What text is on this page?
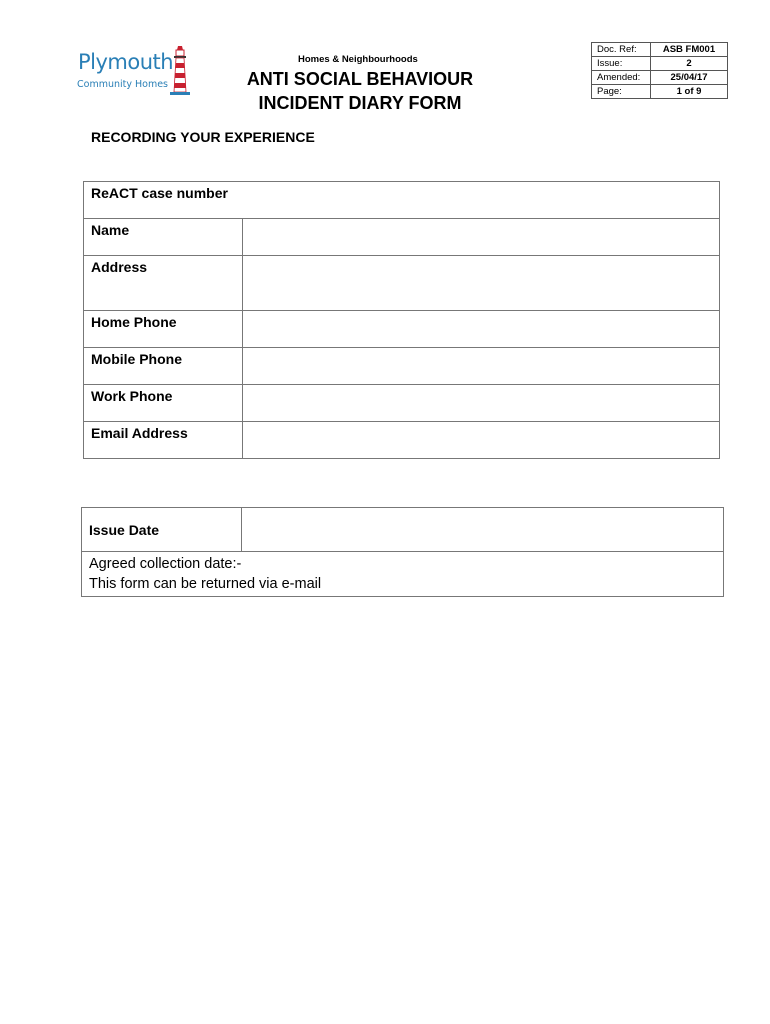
Plymouth
Community Homes
Homes & Neighbourhoods
ANTI SOCIAL BEHAVIOUR
INCIDENT DIARY FORM
Doc. Ref:	ASB FM001
Issue:	2
Amended:	25/04/17
Page:	1 of 9
RECORDING YOUR EXPERIENCE
ReACT case number	
Name	
Address	
Home Phone	
Mobile Phone	
Work Phone	
Email Address	
Issue Date	

Agreed collection date:-
This form can be returned via e-mail
